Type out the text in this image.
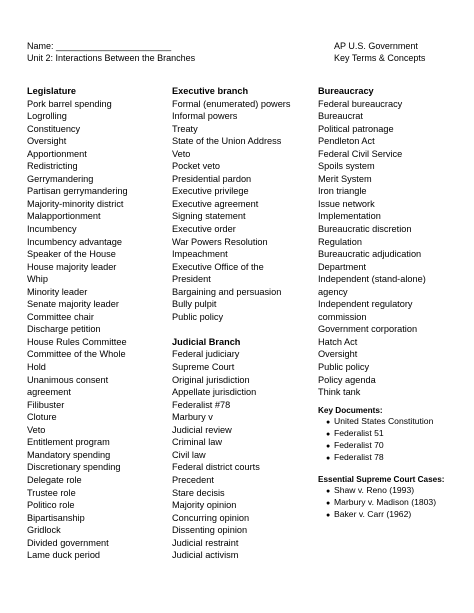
Name: _______________________
Unit 2: Interactions Between the Branches
AP U.S. Government
Key Terms & Concepts
Legislature
Pork barrel spending
Logrolling
Constituency
Oversight
Apportionment
Redistricting
Gerrymandering
Partisan gerrymandering
Majority-minority district
Malapportionment
Incumbency
Incumbency advantage
Speaker of the House
House majority leader
Whip
Minority leader
Senate majority leader
Committee chair
Discharge petition
House Rules Committee
Committee of the Whole
Hold
Unanimous consent
agreement
Filibuster
Cloture
Veto
Entitlement program
Mandatory spending
Discretionary spending
Delegate role
Trustee role
Politico role
Bipartisanship
Gridlock
Divided government
Lame duck period
Executive branch
Formal (enumerated) powers
Informal powers
Treaty
State of the Union Address
Veto
Pocket veto
Presidential pardon
Executive privilege
Executive agreement
Signing statement
Executive order
War Powers Resolution
Impeachment
Executive Office of the
President
Bargaining and persuasion
Bully pulpit
Public policy
Judicial Branch
Federal judiciary
Supreme Court
Original jurisdiction
Appellate jurisdiction
Federalist #78
Marbury v
Judicial review
Criminal law
Civil law
Federal district courts
Precedent
Stare decisis
Majority opinion
Concurring opinion
Dissenting opinion
Judicial restraint
Judicial activism
Bureaucracy
Federal bureaucracy
Bureaucrat
Political patronage
Pendleton Act
Federal Civil Service
Spoils system
Merit System
Iron triangle
Issue network
Implementation
Bureaucratic discretion
Regulation
Bureaucratic adjudication
Department
Independent (stand-alone)
agency
Independent regulatory
commission
Government corporation
Hatch Act
Oversight
Public policy
Policy agenda
Think tank
Key Documents:
● United States Constitution
● Federalist 51
● Federalist 70
● Federalist 78
Essential Supreme Court Cases:
● Shaw v. Reno (1993)
● Marbury v. Madison (1803)
● Baker v. Carr (1962)
